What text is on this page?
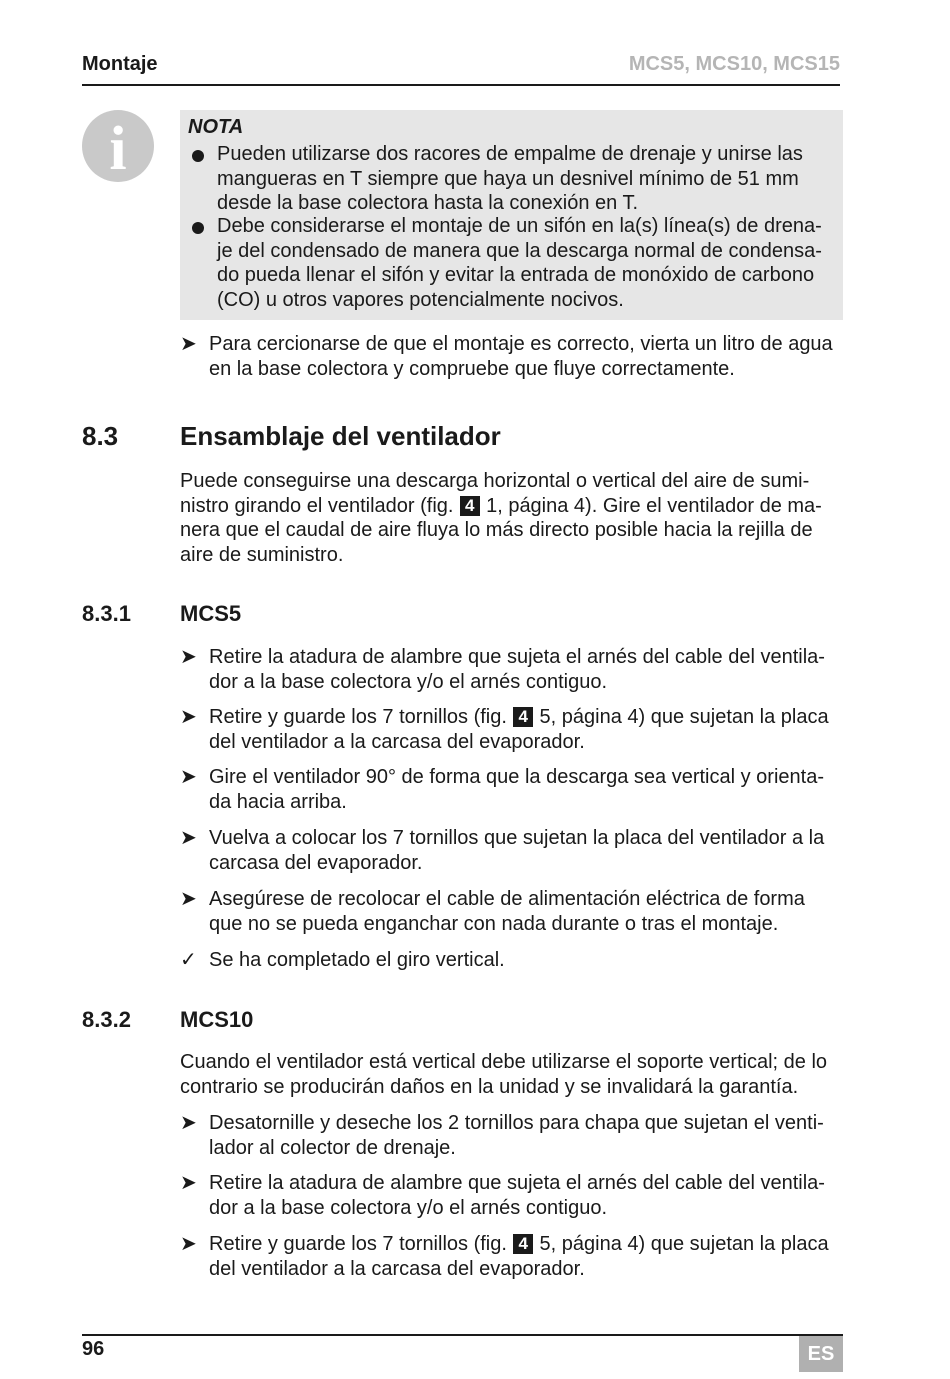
Montaje	MCS5, MCS10, MCS15
i	NOTA
Pueden utilizarse dos racores de empalme de drenaje y unirse las
mangueras en T siempre que haya un desnivel mínimo de 51 mm
desde la base colectora hasta la conexión en T.
Debe considerarse el montaje de un sifón en la(s) línea(s) de drena-
je del condensado de manera que la descarga normal de condensa-
do pueda llenar el sifón y evitar la entrada de monóxido de carbono
(CO) u otros vapores potencialmente nocivos.
➤ Para cercionarse de que el montaje es correcto, vierta un litro de agua
en la base colectora y compruebe que fluye correctamente.
8.3 Ensamblaje del ventilador
Puede conseguirse una descarga horizontal o vertical del aire de sumi-
nistro girando el ventilador (fig. 4 1, página 4). Gire el ventilador de ma-
nera que el caudal de aire fluya lo más directo posible hacia la rejilla de
aire de suministro.
8.3.1 MCS5
➤ Retire la atadura de alambre que sujeta el arnés del cable del ventila-
dor a la base colectora y/o el arnés contiguo.
➤ Retire y guarde los 7 tornillos (fig. 4 5, página 4) que sujetan la placa
del ventilador a la carcasa del evaporador.
➤ Gire el ventilador 90° de forma que la descarga sea vertical y orienta-
da hacia arriba.
➤ Vuelva a colocar los 7 tornillos que sujetan la placa del ventilador a la
carcasa del evaporador.
➤ Asegúrese de recolocar el cable de alimentación eléctrica de forma
que no se pueda enganchar con nada durante o tras el montaje.
✓ Se ha completado el giro vertical.
8.3.2 MCS10
Cuando el ventilador está vertical debe utilizarse el soporte vertical; de lo
contrario se producirán daños en la unidad y se invalidará la garantía.
➤ Desatornille y deseche los 2 tornillos para chapa que sujetan el venti-
lador al colector de drenaje.
➤ Retire la atadura de alambre que sujeta el arnés del cable del ventila-
dor a la base colectora y/o el arnés contiguo.
➤ Retire y guarde los 7 tornillos (fig. 4 5, página 4) que sujetan la placa
del ventilador a la carcasa del evaporador.
96	ES
